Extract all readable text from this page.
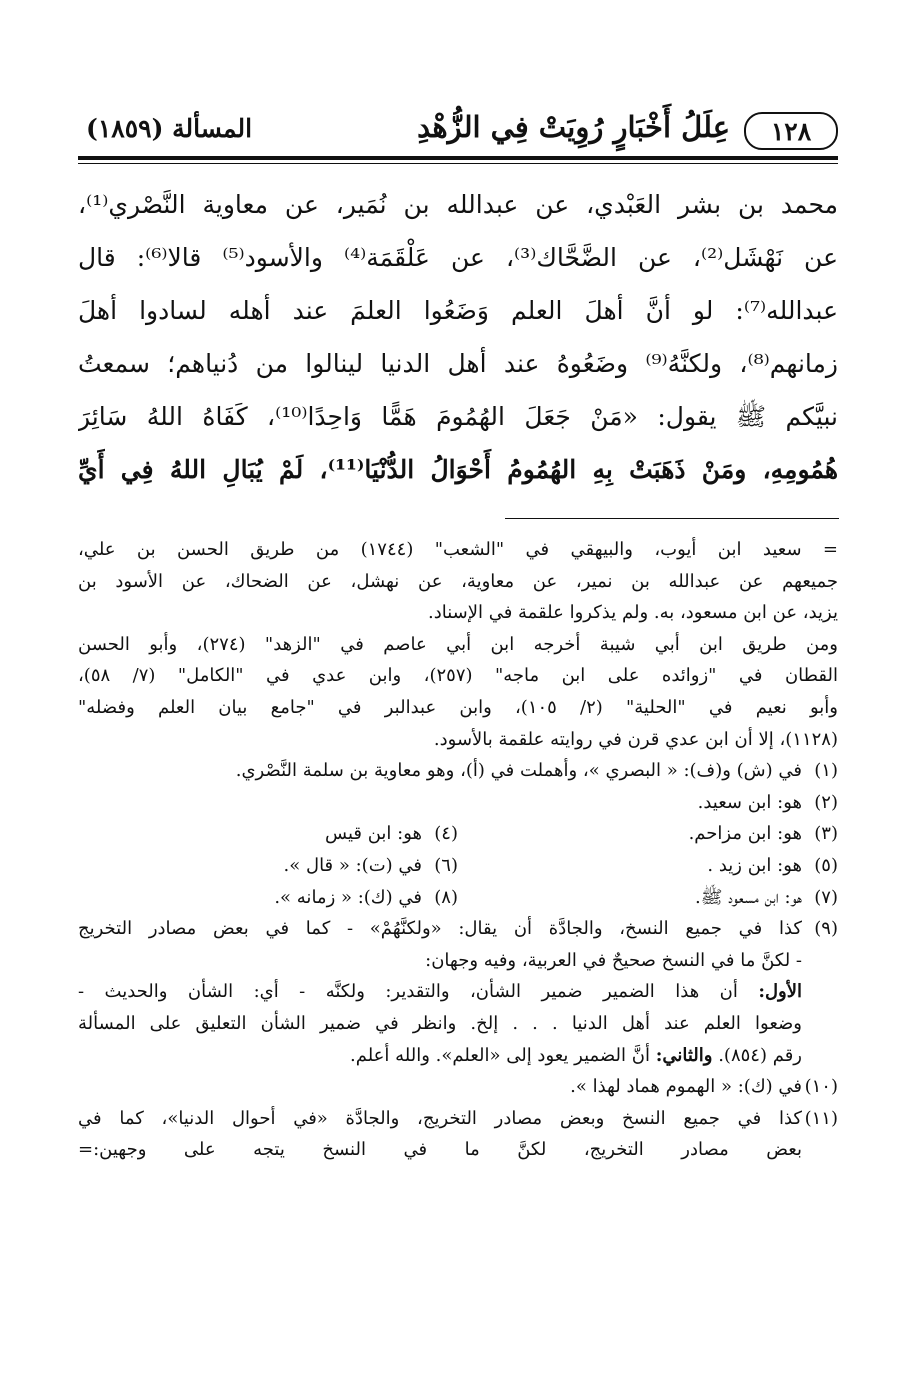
١٢٨
عِلَلُ أَخْبَارٍ رُوِيَتْ فِي الزُّهْدِ
المسألة (١٨٥٩)
محمد بن بشر العَبْدي، عن عبدالله بن نُمَير، عن معاوية النَّصْري⁽¹⁾،
عن نَهْشَل⁽²⁾، عن الضَّحَّاك⁽³⁾، عن عَلْقَمَة⁽⁴⁾ والأسود⁽⁵⁾ قالا⁽⁶⁾: قال
عبدالله⁽⁷⁾: لو أنَّ أهلَ العلم وَضَعُوا العلمَ عند أهله لسادوا أهلَ
زمانهم⁽⁸⁾، ولكنَّهُ⁽⁹⁾ وضَعُوهُ عند أهل الدنيا لينالوا من دُنياهم؛ سمعتُ
نبيَّكم ﷺ يقول: «مَنْ جَعَلَ الهُمُومَ هَمًّا وَاحِدًا⁽¹⁰⁾، كَفَاهُ اللهُ سَائِرَ
هُمُومِهِ، ومَنْ ذَهَبَتْ بِهِ الهُمُومُ أَحْوَالُ الدُّنْيَا⁽¹¹⁾، لَمْ يُبَالِ اللهُ فِي أَيِّ
= سعيد ابن أيوب، والبيهقي في "الشعب" (١٧٤٤) من طريق الحسن بن علي،
جميعهم عن عبدالله بن نمير، عن معاوية، عن نهشل، عن الضحاك، عن الأسود بن
يزيد، عن ابن مسعود، به. ولم يذكروا علقمة في الإسناد.
ومن طريق ابن أبي شيبة أخرجه ابن أبي عاصم في "الزهد" (٢٧٤)، وأبو الحسن
القطان في "زوائده على ابن ماجه" (٢٥٧)، وابن عدي في "الكامل" (٧/ ٥٨)،
وأبو نعيم في "الحلية" (٢/ ١٠٥)، وابن عبدالبر في "جامع بيان العلم وفضله"
(١١٢٨)، إلا أن ابن عدي قرن في روايته علقمة بالأسود.
(١)في (ش) و(ف): « البصري »، وأهملت في (أ)، وهو معاوية بن سلمة النَّصْري.
(٢)هو: ابن سعيد.
(٣)
هو: ابن مزاحم.
(٤)
هو: ابن قيس
(٥)
هو: ابن زيد .
(٦)
في (ت): « قال ».
(٧)
هو: ابن مسعود ﷺ.
(٨)
في (ك): « زمانه ».
(٩)كذا في جميع النسخ، والجادَّة أن يقال: «ولكنَّهُمْ» - كما في بعض مصادر التخريج
- لكنَّ ما في النسخ صحيحٌ في العربية، وفيه وجهان:
الأول: أن هذا الضمير ضمير الشأن، والتقدير: ولكنَّه - أي: الشأن والحديث -
وضعوا العلم عند أهل الدنيا . . . إلخ. وانظر في ضمير الشأن التعليق على المسألة
رقم (٨٥٤). والثاني: أنَّ الضمير يعود إلى «العلم». والله أعلم.
(١٠)في (ك): « الهموم هماد لهذا ».
(١١)كذا في جميع النسخ وبعض مصادر التخريج، والجادَّة «في أحوال الدنيا»، كما في
بعض مصادر التخريج، لكنَّ ما في النسخ يتجه على وجهين:=
